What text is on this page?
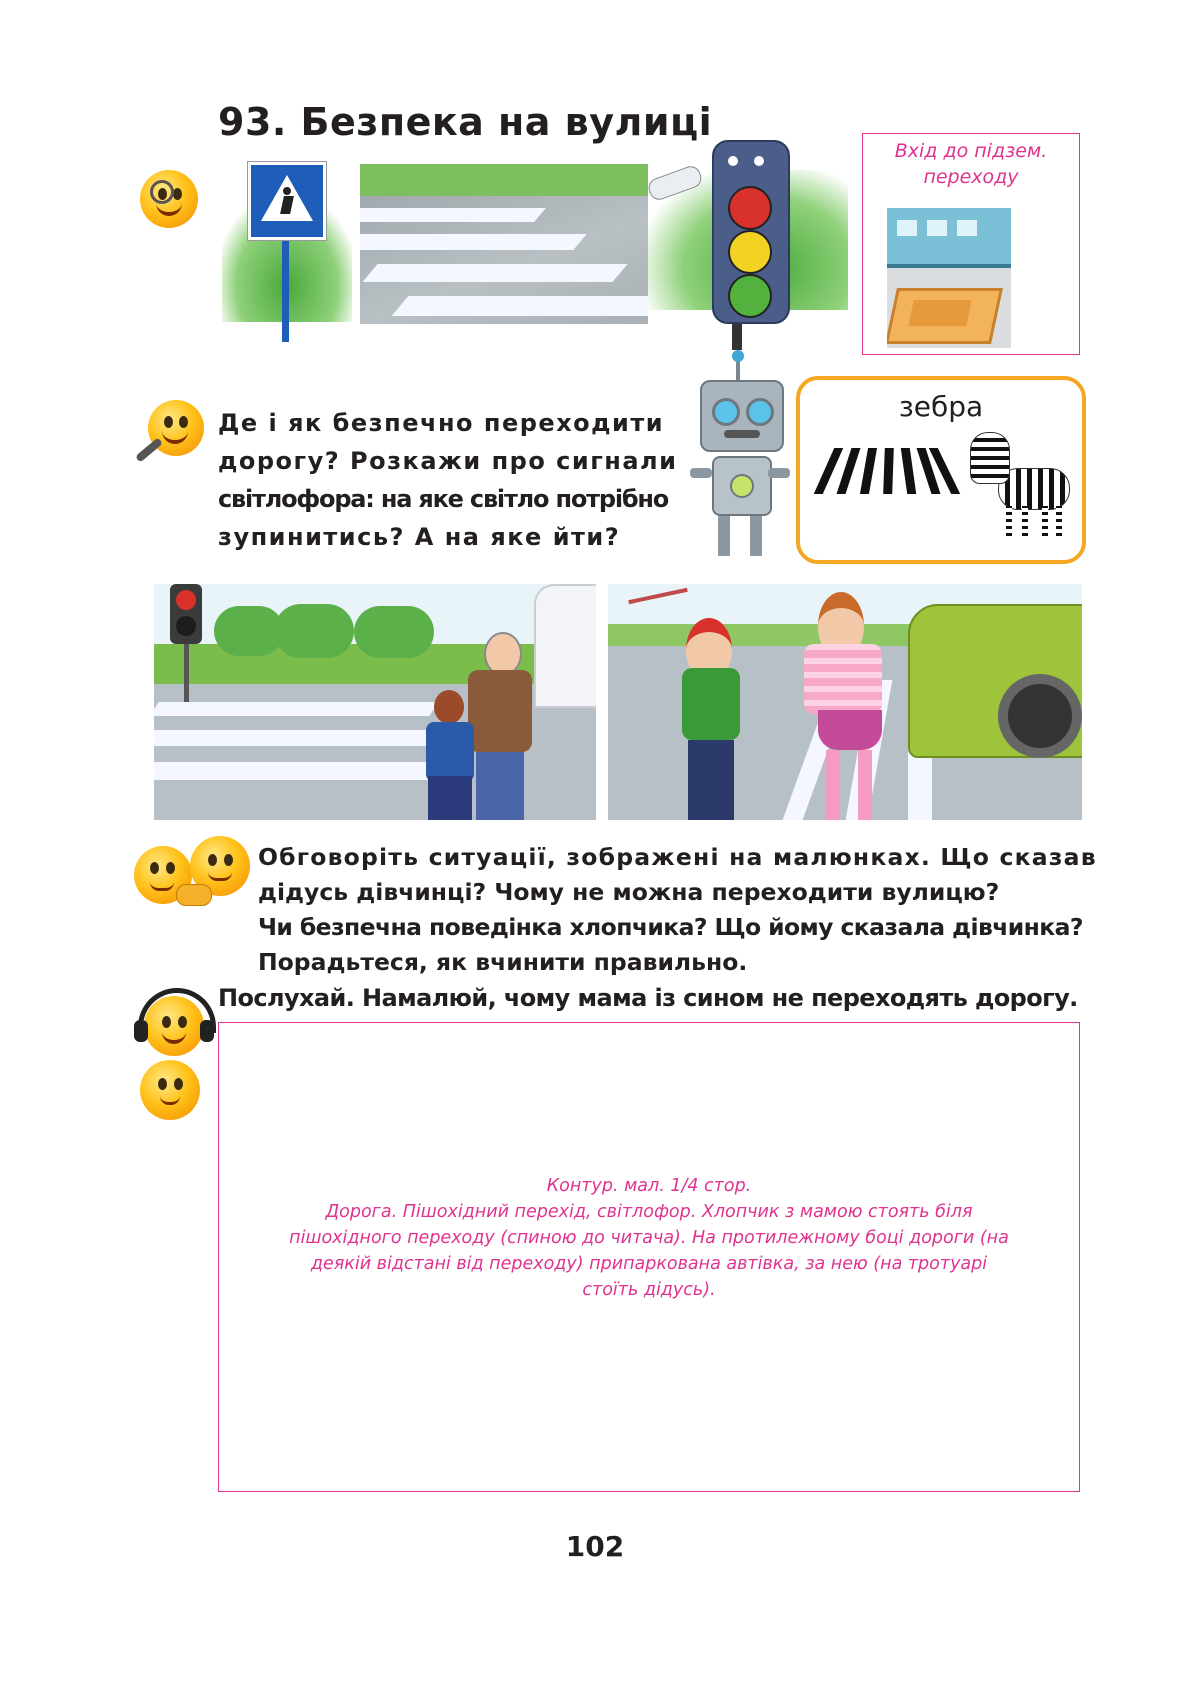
93. Безпека на вулиці
Вхід до підзем.
переходу
Де і як безпечно переходити
дорогу? Розкажи про сигнали
світлофора: на яке світло потрібно
зупинитись? А на яке йти?
зебра
Обговоріть ситуації, зображені на малюнках. Що сказав
дідусь дівчинці? Чому не можна переходити вулицю?
Чи безпечна поведінка хлопчика? Що йому сказала дівчинка?
Порадьтеся, як вчинити правильно.
Послухай. Намалюй, чому мама із сином не переходять дорогу.
Контур. мал. 1/4 стор.
Дорога. Пішохідний перехід, світлофор. Хлопчик з мамою стоять біля
пішохідного переходу (спиною до читача). На протилежному боці дороги (на
деякій відстані від переходу) припаркована автівка, за нею (на тротуарі
стоїть дідусь).
102
